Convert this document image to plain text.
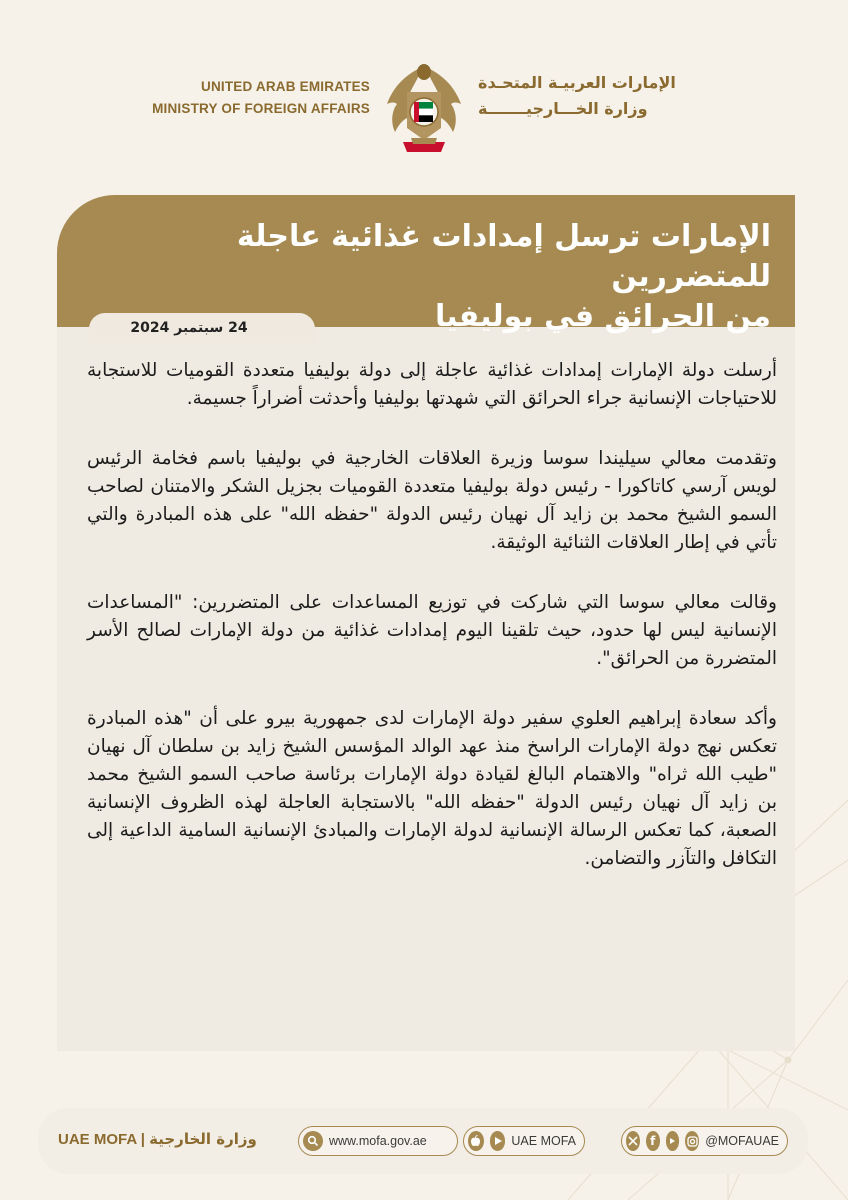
UNITED ARAB EMIRATES
MINISTRY OF FOREIGN AFFAIRS
الإمارات العربيـة المتحـدة
وزارة الخـــارجيـــــــة
الإمارات ترسل إمدادات غذائية عاجلة للمتضررين
من الحرائق في بوليفيا
24 سبتمبر 2024

أرسلت دولة الإمارات إمدادات غذائية عاجلة إلى دولة بوليفيا متعددة القوميات للاستجابة للاحتياجات الإنسانية جراء الحرائق التي شهدتها بوليفيا وأحدثت أضراراً جسيمة.

وتقدمت معالي سيليندا سوسا وزيرة العلاقات الخارجية في بوليفيا باسم فخامة الرئيس لويس آرسي كاتاكورا - رئيس دولة بوليفيا متعددة القوميات بجزيل الشكر والامتنان لصاحب السمو الشيخ محمد بن زايد آل نهيان رئيس الدولة "حفظه الله" على هذه المبادرة والتي تأتي في إطار العلاقات الثنائية الوثيقة.

وقالت معالي سوسا التي شاركت في توزيع المساعدات على المتضررين: "المساعدات الإنسانية ليس لها حدود، حيث تلقينا اليوم إمدادات غذائية من دولة الإمارات لصالح الأسر المتضررة من الحرائق".

وأكد سعادة إبراهيم العلوي سفير دولة الإمارات لدى جمهورية بيرو على أن "هذه المبادرة تعكس نهج دولة الإمارات الراسخ منذ عهد الوالد المؤسس الشيخ زايد بن سلطان آل نهيان "طيب الله ثراه" والاهتمام البالغ لقيادة دولة الإمارات برئاسة صاحب السمو الشيخ محمد بن زايد آل نهيان رئيس الدولة "حفظه الله" بالاستجابة العاجلة لهذه الظروف الإنسانية الصعبة، كما تعكس الرسالة الإنسانية لدولة الإمارات والمبادئ الإنسانية السامية الداعية إلى التكافل والتآزر والتضامن.

UAE MOFA | وزارة الخارجية	www.mofa.gov.ae	UAE MOFA	f	@MOFAUAE
